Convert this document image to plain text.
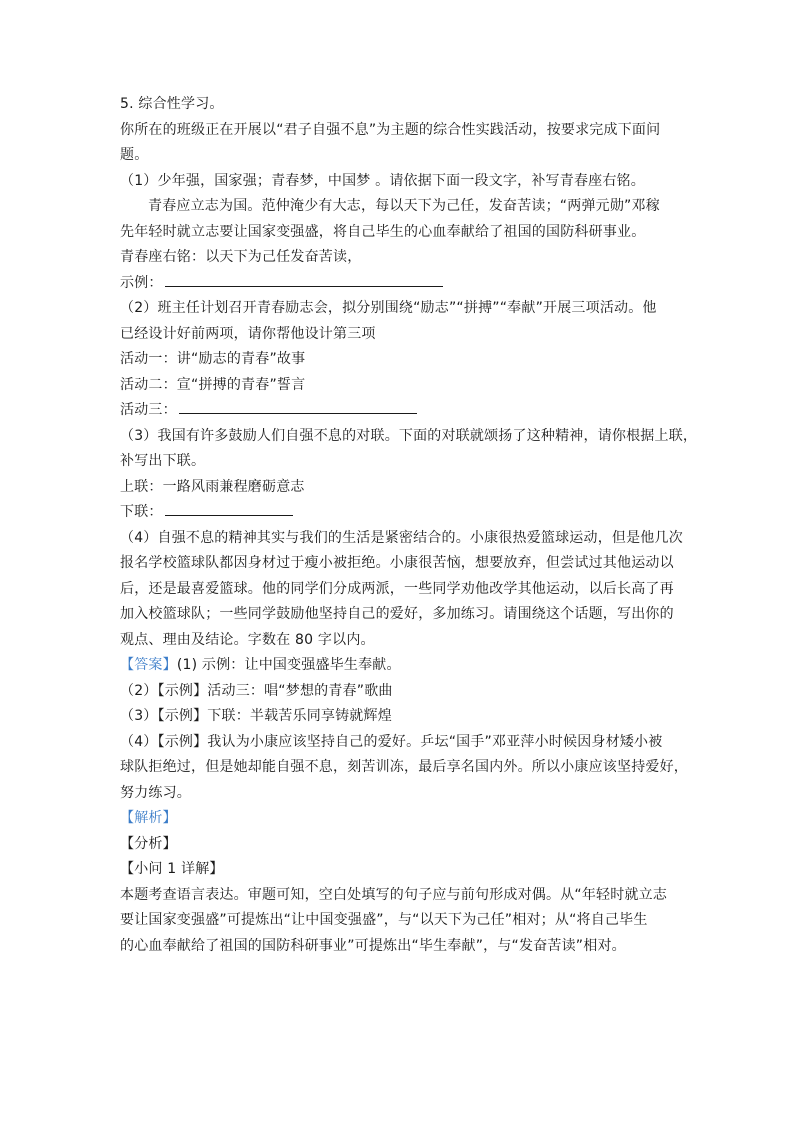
5. 综合性学习。
你所在的班级正在开展以“君子自强不息”为主题的综合性实践活动，按要求完成下面问
题。
（1）少年强，国家强；青春梦，中国梦 。请依据下面一段文字，补写青春座右铭。
青春应立志为国。范仲淹少有大志，每以天下为己任，发奋苦读；“两弹元勋”邓稼
先年轻时就立志要让国家变强盛，将自己毕生的心血奉献给了祖国的国防科研事业。
青春座右铭：以天下为己任发奋苦读，
示例：
（2）班主任计划召开青春励志会，拟分别围绕“励志”“拼搏”“奉献”开展三项活动。他
已经设计好前两项，请你帮他设计第三项
活动一：讲“励志的青春”故事
活动二：宣“拼搏的青春”誓言
活动三：
（3）我国有许多鼓励人们自强不息的对联。下面的对联就颂扬了这种精神，请你根据上联，
补写出下联。
上联：一路风雨兼程磨砺意志
下联：
（4）自强不息的精神其实与我们的生活是紧密结合的。小康很热爱篮球运动，但是他几次
报名学校篮球队都因身材过于瘦小被拒绝。小康很苦恼，想要放弃，但尝试过其他运动以
后，还是最喜爱篮球。他的同学们分成两派，一些同学劝他改学其他运动，以后长高了再
加入校篮球队；一些同学鼓励他坚持自己的爱好，多加练习。请围绕这个话题，写出你的
观点、理由及结论。字数在 80 字以内。
【答案】(1) 示例：让中国变强盛毕生奉献。
（2）【示例】活动三：唱“梦想的青春”歌曲
（3）【示例】下联：半载苦乐同享铸就辉煌
（4）【示例】我认为小康应该坚持自己的爱好。乒坛“国手”邓亚萍小时候因身材矮小被
球队拒绝过，但是她却能自强不息，刻苦训冻，最后享名国内外。所以小康应该坚持爱好，
努力练习。
【解析】
【分析】
【小问 1 详解】
本题考查语言表达。审题可知，空白处填写的句子应与前句形成对偶。从“年轻时就立志
要让国家变强盛”可提炼出“让中国变强盛”，与“以天下为己任”相对；从“将自己毕生
的心血奉献给了祖国的国防科研事业”可提炼出“毕生奉献”，与“发奋苦读”相对。
